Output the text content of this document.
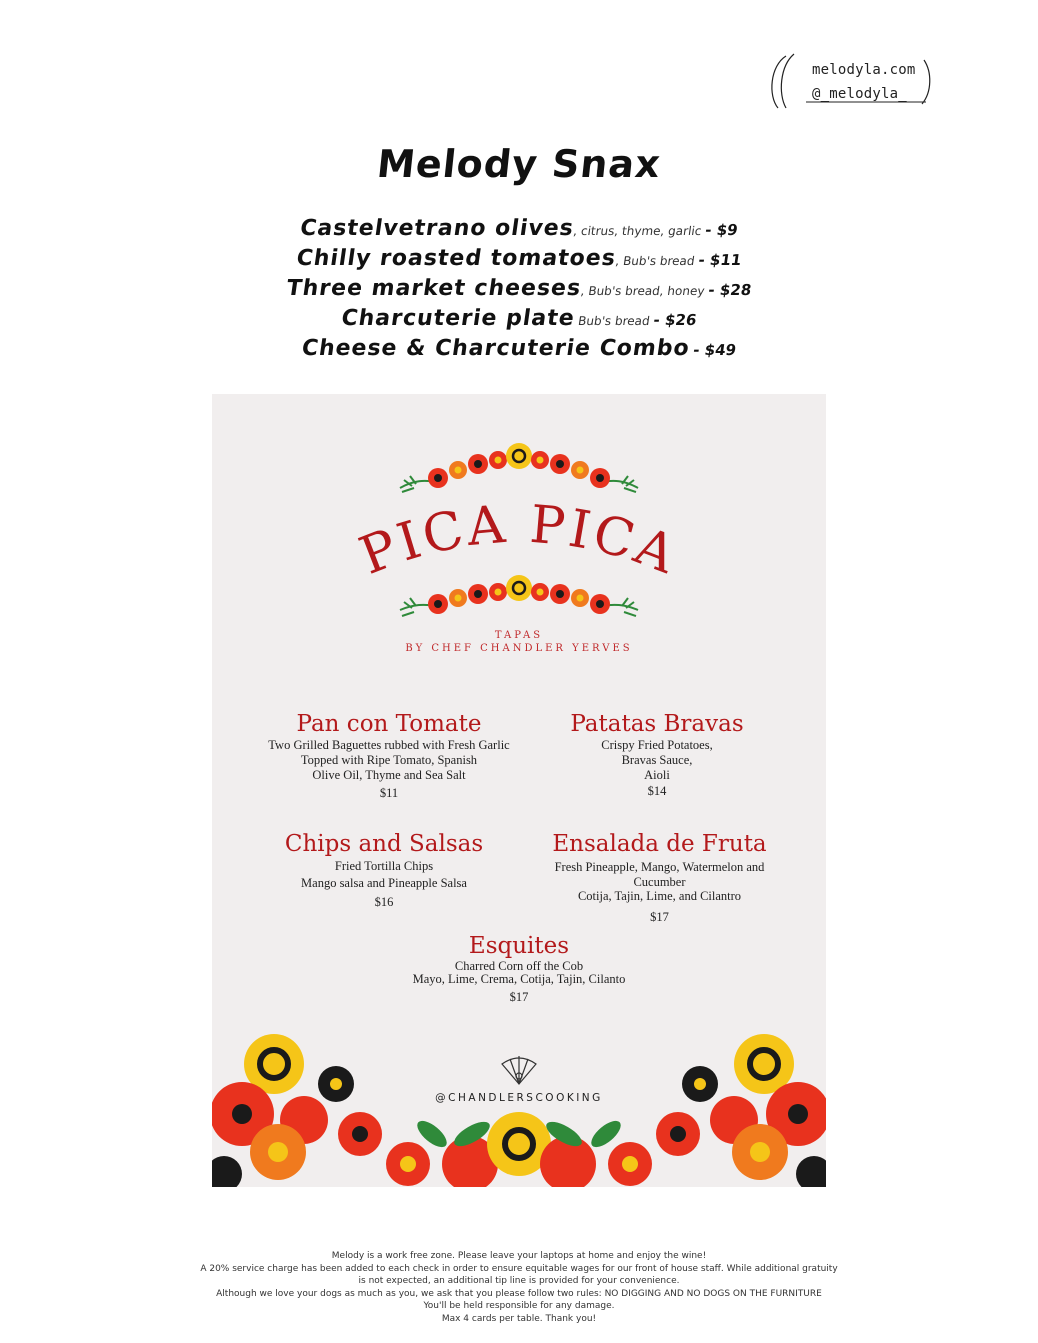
melodyla.com
@_melodyla_
Melody Snax
Castelvetrano olives, citrus, thyme, garlic - $9
Chilly roasted tomatoes, Bub's bread - $11
Three market cheeses, Bub's bread, honey - $28
Charcuterie plate Bub's bread - $26
Cheese & Charcuterie Combo - $49
PICA PICA
TAPAS
BY CHEF CHANDLER YERVES
Pan con Tomate
Two Grilled Baguettes rubbed with Fresh Garlic
Topped with Ripe Tomato, Spanish
Olive Oil, Thyme and Sea Salt
$11
Patatas Bravas
Crispy Fried Potatoes,
Bravas Sauce,
Aioli
$14
Chips and Salsas
Fried Tortilla Chips
Mango salsa and Pineapple Salsa
$16
Ensalada de Fruta
Fresh Pineapple, Mango, Watermelon and
Cucumber
Cotija, Tajin, Lime, and Cilantro
$17
Esquites
Charred Corn off the Cob
Mayo, Lime, Crema, Cotija, Tajin, Cilanto
$17
@CHANDLERSCOOKING
Melody is a work free zone. Please leave your laptops at home and enjoy the wine!
A 20% service charge has been added to each check in order to ensure equitable wages for our front of house staff. While additional gratuity
is not expected, an additional tip line is provided for your convenience.
Although we love your dogs as much as you, we ask that you please follow two rules: NO DIGGING AND NO DOGS ON THE FURNITURE
You'll be held responsible for any damage.
Max 4 cards per table. Thank you!
